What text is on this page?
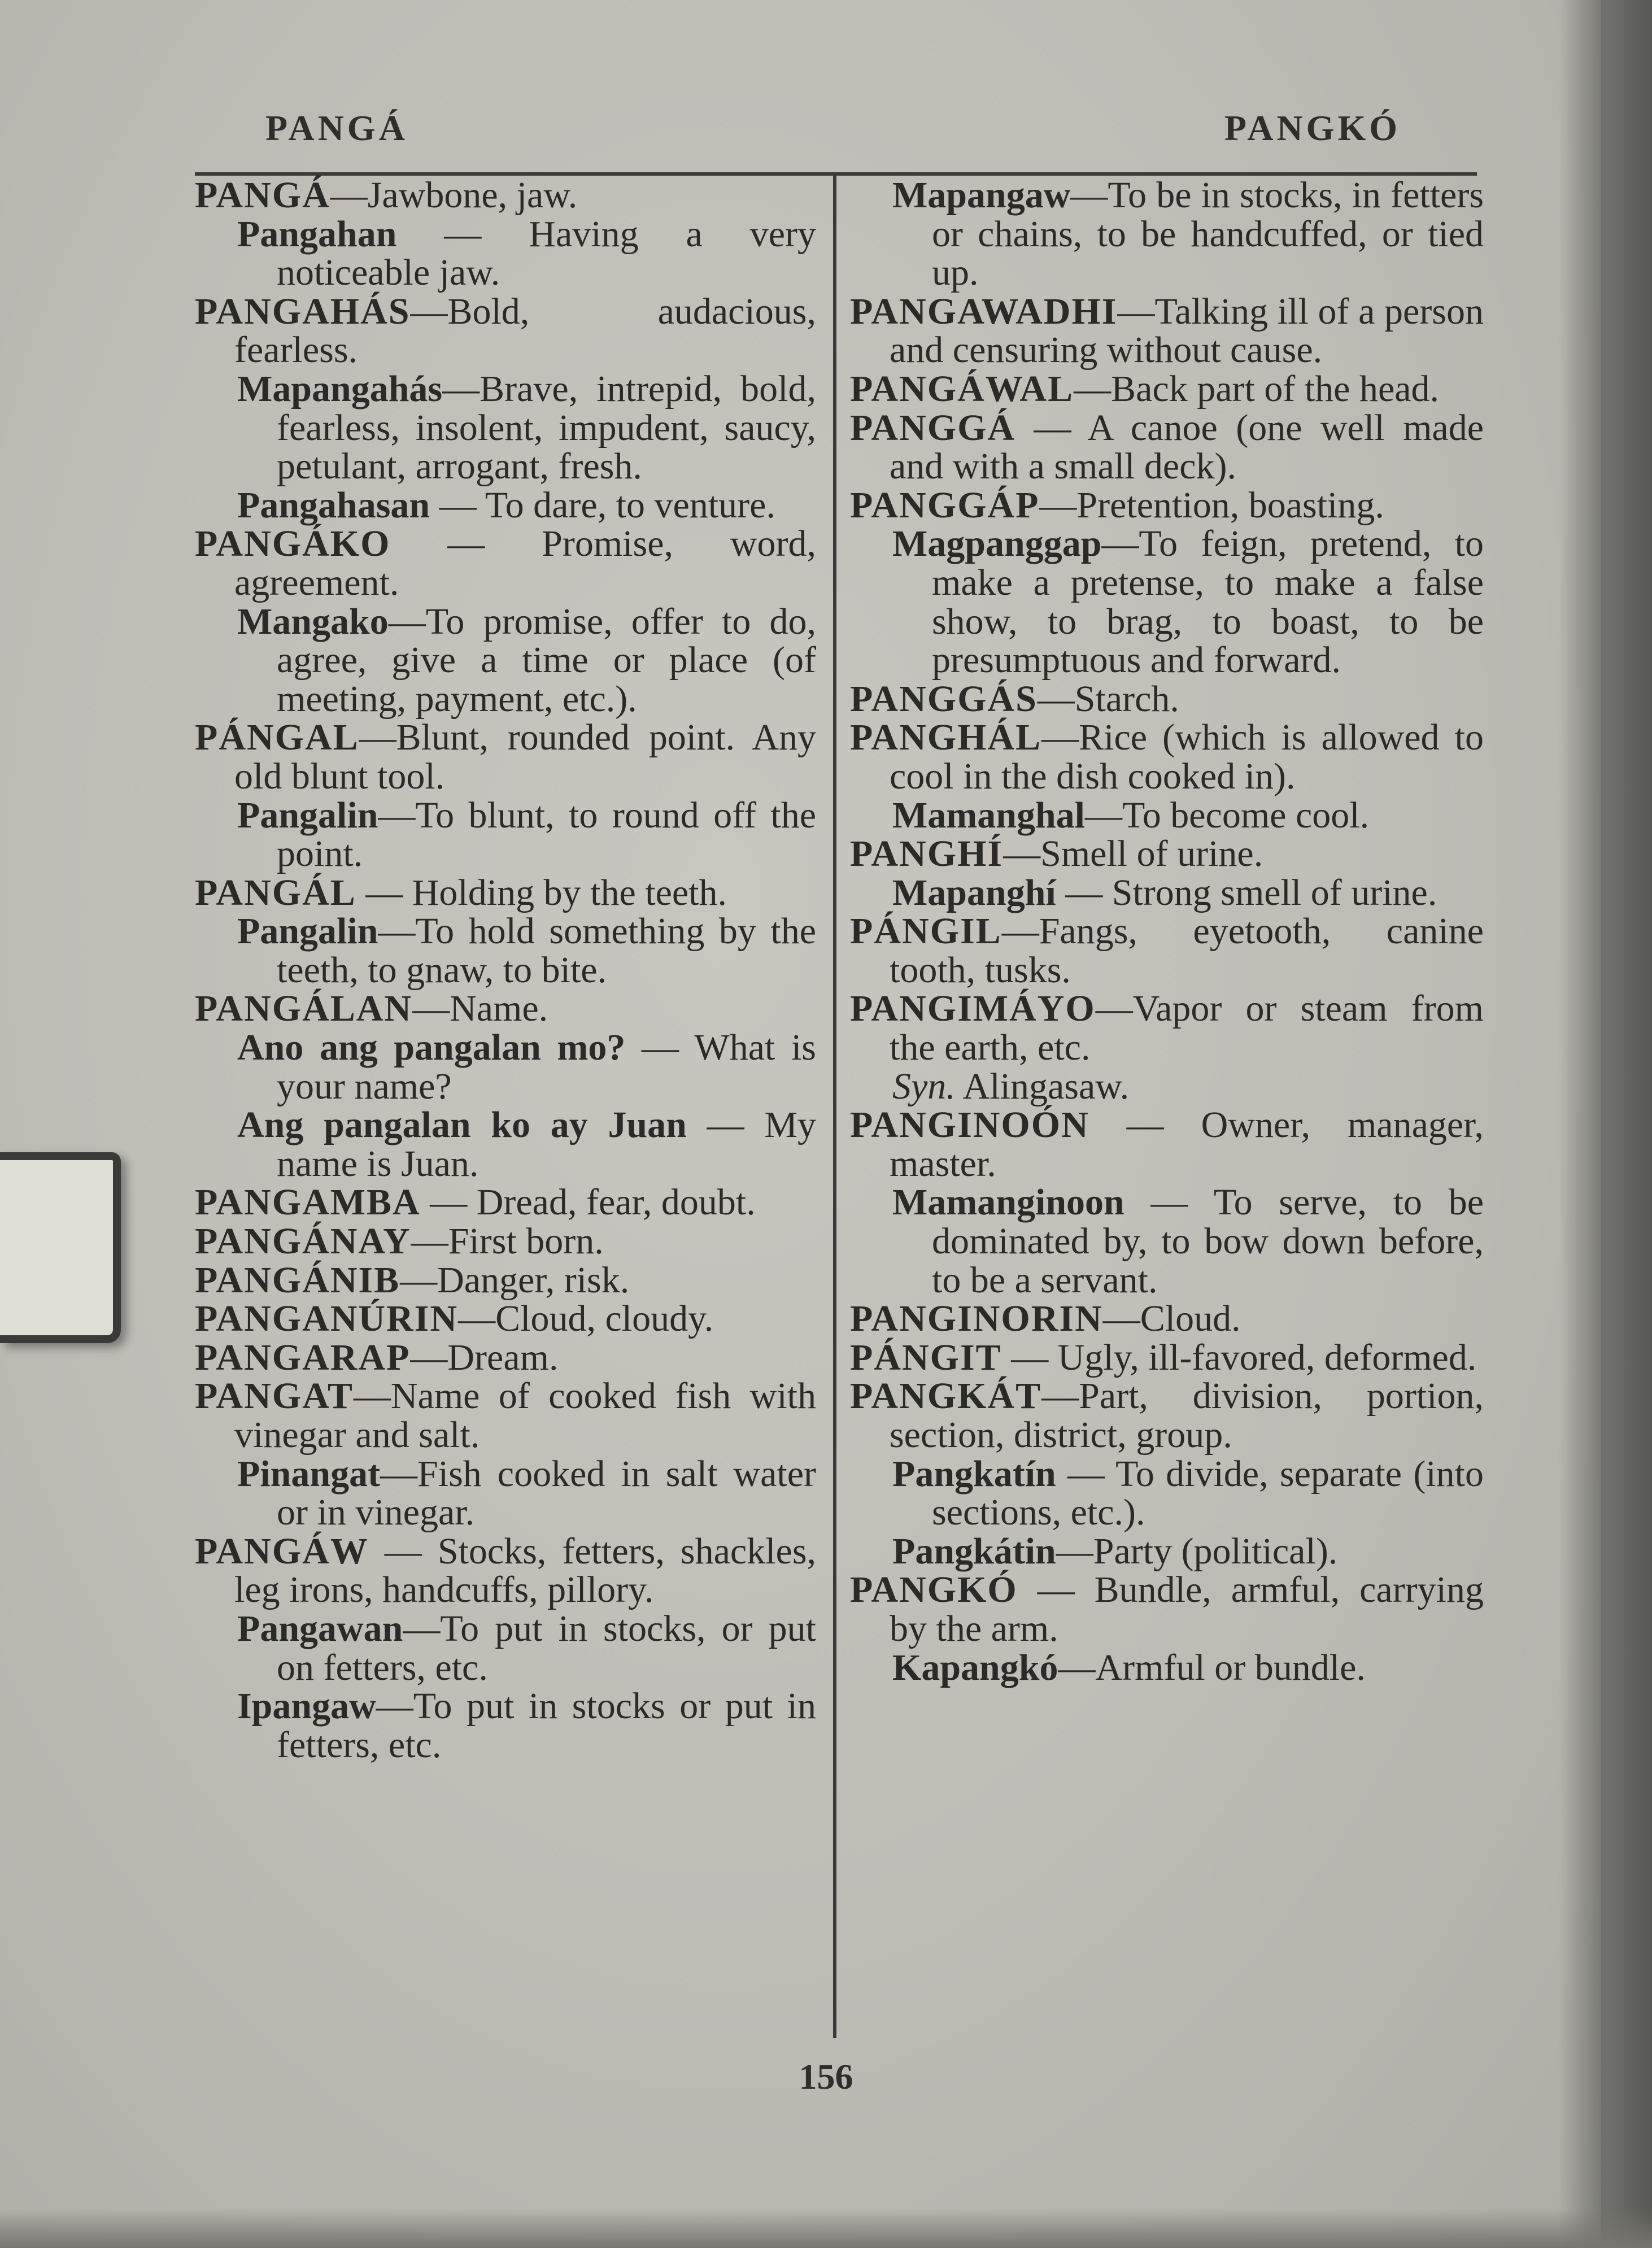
PANGÁ	PANGKÓ

PANGÁ—Jawbone, jaw.

Pangahan — Having a very noticeable jaw.

PANGAHÁS—Bold, audacious, fearless.

Mapangahás—Brave, intrepid, bold, fearless, insolent, impudent, saucy, petulant, arrogant, fresh.

Pangahasan — To dare, to venture.

PANGÁKO — Promise, word, agreement.

Mangako—To promise, offer to do, agree, give a time or place (of meeting, payment, etc.).

PÁNGAL—Blunt, rounded point. Any old blunt tool.

Pangalin—To blunt, to round off the point.

PANGÁL — Holding by the teeth.

Pangalin—To hold something by the teeth, to gnaw, to bite.

PANGÁLAN—Name.

Ano ang pangalan mo? — What is your name?

Ang pangalan ko ay Juan — My name is Juan.

PANGAMBA — Dread, fear, doubt.

PANGÁNAY—First born.

PANGÁNIB—Danger, risk.

PANGANÚRIN—Cloud, cloudy.

PANGARAP—Dream.

PANGAT—Name of cooked fish with vinegar and salt.

Pinangat—Fish cooked in salt water or in vinegar.

PANGÁW — Stocks, fetters, shackles, leg irons, handcuffs, pillory.

Pangawan—To put in stocks, or put on fetters, etc.

Ipangaw—To put in stocks or put in fetters, etc.

Mapangaw—To be in stocks, in fetters or chains, to be handcuffed, or tied up.

PANGAWADHI—Talking ill of a person and censuring without cause.

PANGÁWAL—Back part of the head.

PANGGÁ — A canoe (one well made and with a small deck).

PANGGÁP—Pretention, boasting.

Magpanggap—To feign, pretend, to make a pretense, to make a false show, to brag, to boast, to be presumptuous and forward.

PANGGÁS—Starch.

PANGHÁL—Rice (which is allowed to cool in the dish cooked in).

Mamanghal—To become cool.

PANGHÍ—Smell of urine.

Mapanghí — Strong smell of urine.

PÁNGIL—Fangs, eyetooth, canine tooth, tusks.

PANGIMÁYO—Vapor or steam from the earth, etc.

Syn. Alingasaw.

PANGINOÓN — Owner, manager, master.

Mamanginoon — To serve, to be dominated by, to bow down before, to be a servant.

PANGINORIN—Cloud.

PÁNGIT — Ugly, ill-favored, deformed.

PANGKÁT—Part, division, portion, section, district, group.

Pangkatín — To divide, separate (into sections, etc.).

Pangkátin—Party (political).

PANGKÓ — Bundle, armful, carrying by the arm.

Kapangkó—Armful or bundle.

156
